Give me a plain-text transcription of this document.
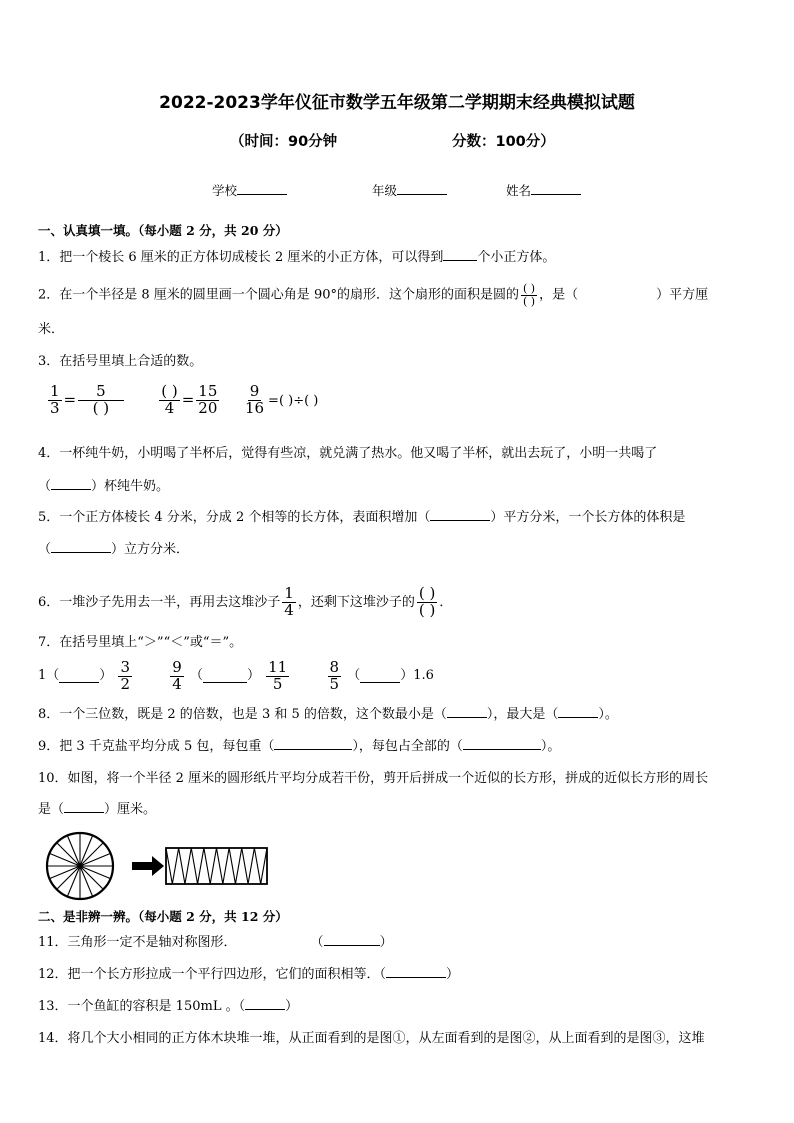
2022-2023学年仪征市数学五年级第二学期期末经典模拟试题
（时间：90分钟	分数：100分）
学校	年级	姓名
一、认真填一填。（每小题 2 分，共 20 分）
1．把一个棱长 6 厘米的正方体切成棱长 2 厘米的小正方体，可以得到	个小正方体。
2．在一个半径是 8 厘米的圆里画一个圆心角是 90°的扇形．这个扇形的面积是圆的 $\frac{( )}{( )}$ ，是（	）平方厘
米．
3．在括号里填上合适的数。
$\frac{1}{3} = \frac{5}{( )}$
$\frac{( )}{4} = \frac{15}{20}$
$\frac{9}{16}$ =( )÷( )
4．一杯纯牛奶，小明喝了半杯后，觉得有些凉，就兑满了热水。他又喝了半杯，就出去玩了，小明一共喝了
（	）杯纯牛奶。
5．一个正方体棱长 4 分米，分成 2 个相等的长方体，表面积增加（	）平方分米，一个长方体的体积是
（	）立方分米．
6．一堆沙子先用去一半，再用去这堆沙子 $\frac{1}{4}$ ，还剩下这堆沙子的 $\frac{( )}{( )}$ ．
7．在括号里填上“＞”“＜”或“＝”。
1（	） $\frac{3}{2}$
	$\frac{9}{4}$ （	） $\frac{11}{5}$
	$\frac{8}{5}$ （	）1.6
8．一个三位数，既是 2 的倍数，也是 3 和 5 的倍数，这个数最小是（	），最大是（	）。
9．把 3 千克盐平均分成 5 包，每包重（	），每包占全部的（	）。
10．如图，将一个半径 2 厘米的圆形纸片平均分成若干份，剪开后拼成一个近似的长方形，拼成的近似长方形的周长
是（	）厘米。
二、是非辨一辨。（每小题 2 分，共 12 分）
11．三角形一定不是轴对称图形．	（	）
12．把一个长方形拉成一个平行四边形，它们的面积相等．（	）
13．一个鱼缸的容积是 150mL 。（	）
14．将几个大小相同的正方体木块堆一堆，从正面看到的是图①，从左面看到的是图②，从上面看到的是图③，这堆
